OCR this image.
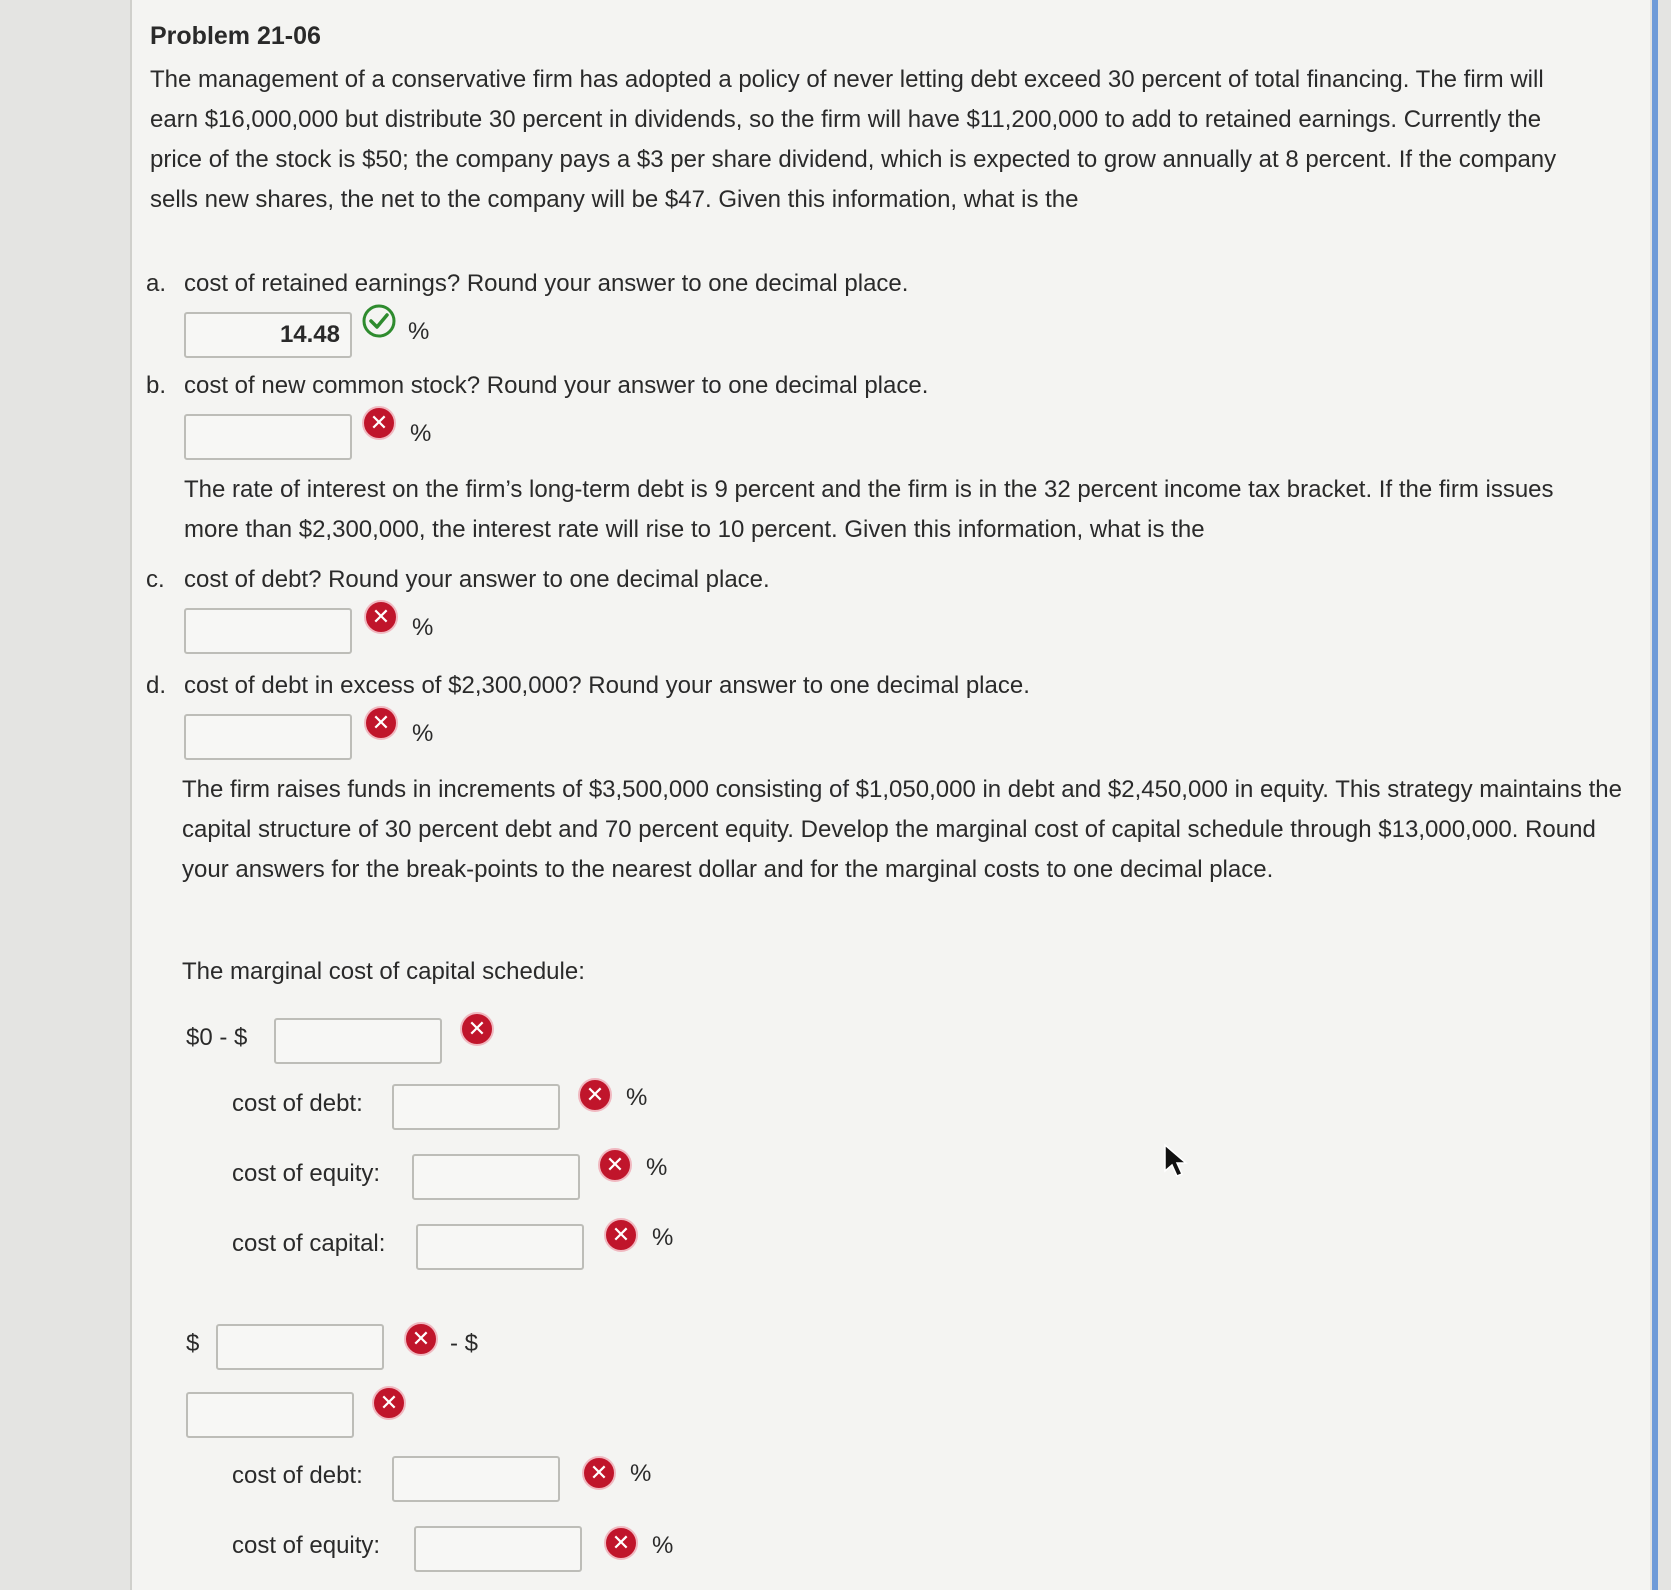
Problem 21-06
The management of a conservative firm has adopted a policy of never letting debt exceed 30 percent of total financing. The firm will earn $16,000,000 but distribute 30 percent in dividends, so the firm will have $11,200,000 to add to retained earnings. Currently the price of the stock is $50; the company pays a $3 per share dividend, which is expected to grow annually at 8 percent. If the company sells new shares, the net to the company will be $47. Given this information, what is the
a. cost of retained earnings? Round your answer to one decimal place.
14.48	%
b. cost of new common stock? Round your answer to one decimal place.
✕ %
The rate of interest on the firm’s long-term debt is 9 percent and the firm is in the 32 percent income tax bracket. If the firm issues more than $2,300,000, the interest rate will rise to 10 percent. Given this information, what is the
c. cost of debt? Round your answer to one decimal place.
✕ %
d. cost of debt in excess of $2,300,000? Round your answer to one decimal place.
✕ %
The firm raises funds in increments of $3,500,000 consisting of $1,050,000 in debt and $2,450,000 in equity. This strategy maintains the capital structure of 30 percent debt and 70 percent equity. Develop the marginal cost of capital schedule through $13,000,000. Round your answers for the break-points to the nearest dollar and for the marginal costs to one decimal place.
The marginal cost of capital schedule:
$0 - $	✕
cost of debt:	✕ %
cost of equity:	✕ %
cost of capital:	✕ %
$	✕ - $
✕
cost of debt:	✕ %
cost of equity:	✕ %
